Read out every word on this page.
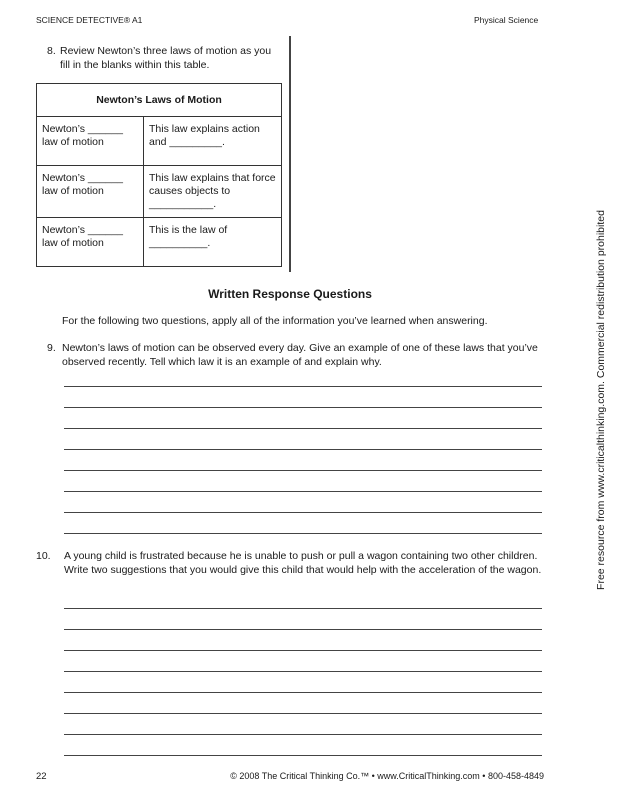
SCIENCE DETECTIVE® A1	Physical Science
8. Review Newton’s three laws of motion as you fill in the blanks within this table.
Newton’s Laws of Motion	
Newton’s ______ law of motion	This law explains action and _________.
Newton’s ______ law of motion	This law explains that force causes objects to ___________.
Newton’s ______ law of motion	This is the law of __________.
Written Response Questions
For the following two questions, apply all of the information you’ve learned when answering.
9. Newton’s laws of motion can be observed every day. Give an example of one of these laws that you’ve observed recently. Tell which law it is an example of and explain why.
10. A young child is frustrated because he is unable to push or pull a wagon containing two other children. Write two suggestions that you would give this child that would help with the acceleration of the wagon.	Free resource from www.criticalthinking.com. Commercial redistribution prohibited
22	© 2008 The Critical Thinking Co.™ • www.CriticalThinking.com • 800-458-4849
